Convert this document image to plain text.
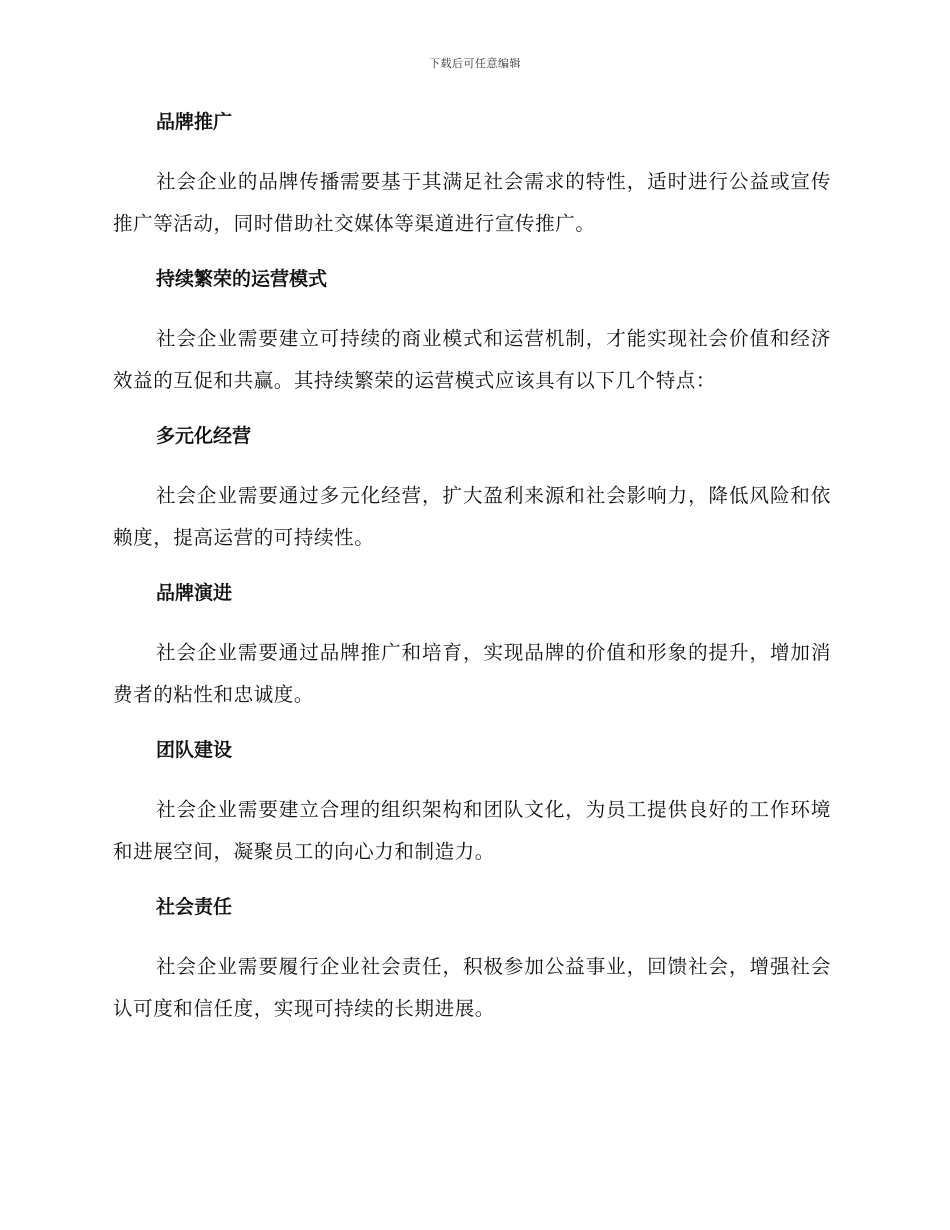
下载后可任意编辑
品牌推广

社会企业的品牌传播需要基于其满足社会需求的特性，适时进行公益或宣传推广等活动，同时借助社交媒体等渠道进行宣传推广。

持续繁荣的运营模式

社会企业需要建立可持续的商业模式和运营机制，才能实现社会价值和经济效益的互促和共赢。其持续繁荣的运营模式应该具有以下几个特点：

多元化经营

社会企业需要通过多元化经营，扩大盈利来源和社会影响力，降低风险和依赖度，提高运营的可持续性。

品牌演进

社会企业需要通过品牌推广和培育，实现品牌的价值和形象的提升，增加消费者的粘性和忠诚度。

团队建设

社会企业需要建立合理的组织架构和团队文化，为员工提供良好的工作环境和进展空间，凝聚员工的向心力和制造力。

社会责任

社会企业需要履行企业社会责任，积极参加公益事业，回馈社会，增强社会认可度和信任度，实现可持续的长期进展。
